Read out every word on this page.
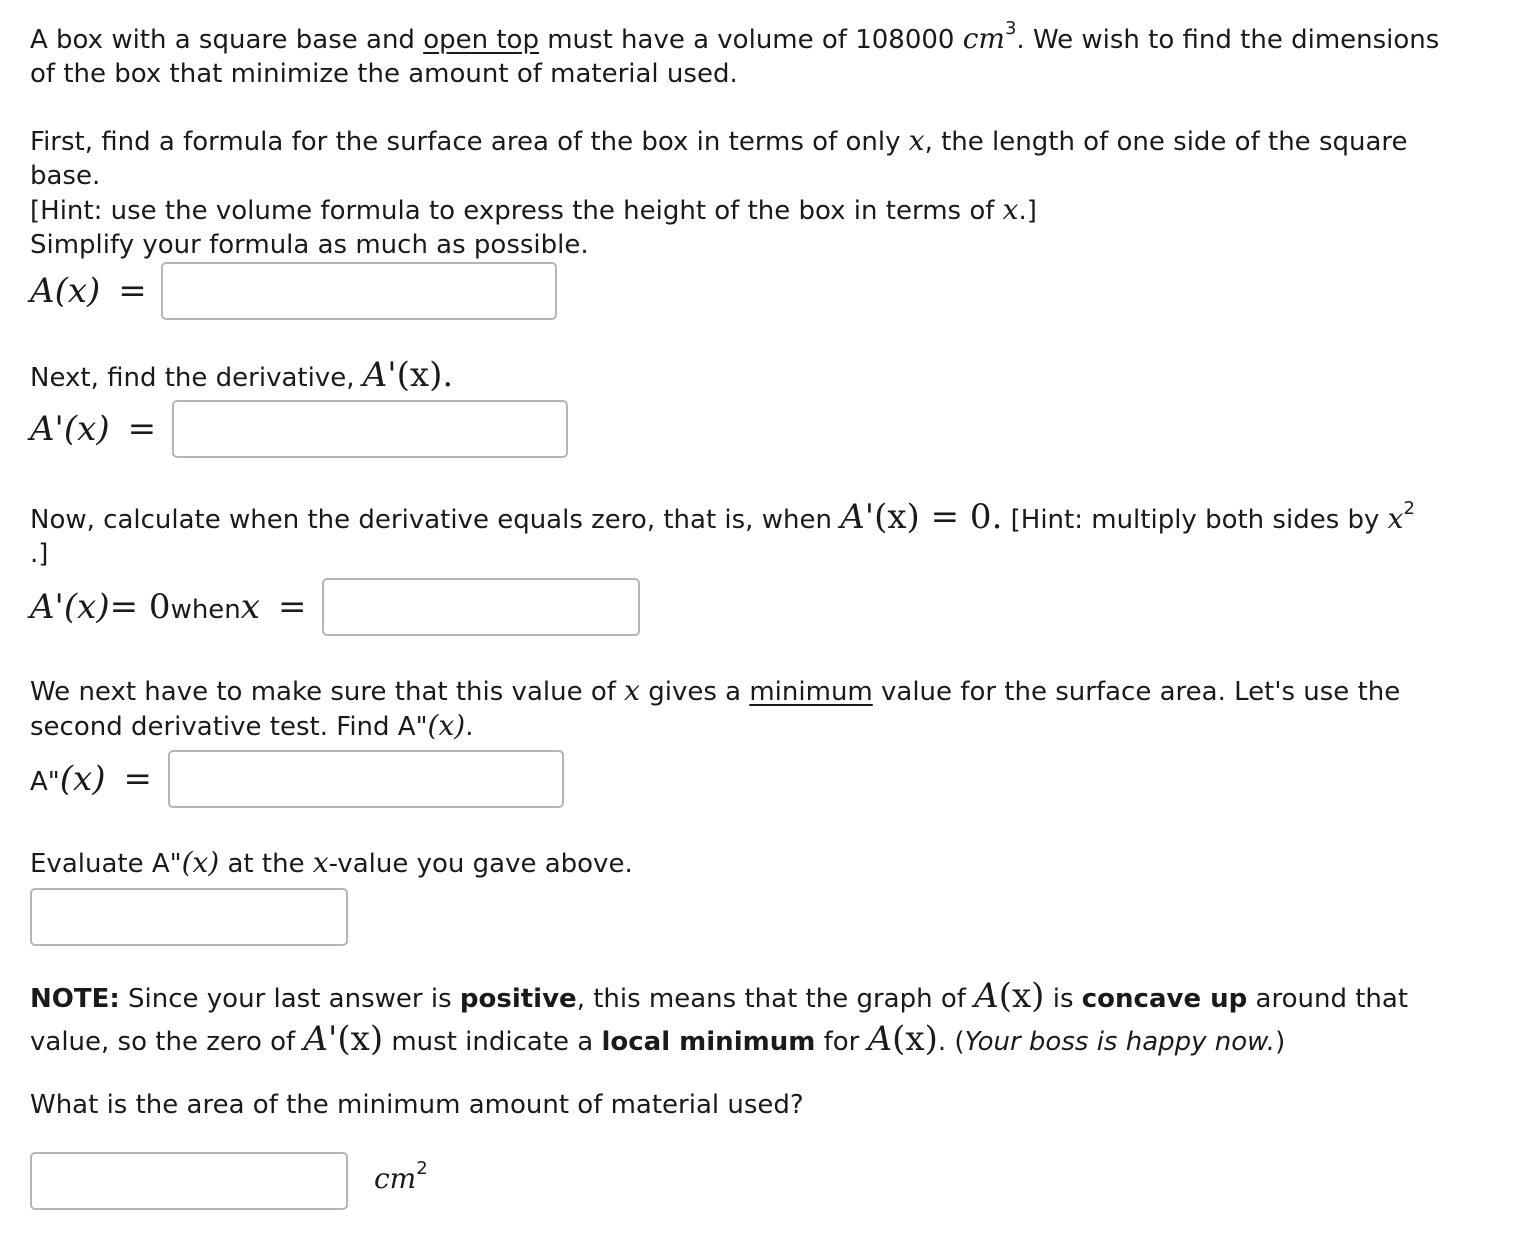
A box with a square base and open top must have a volume of 108000 $cm^3$. We wish to find the dimensions of the box that minimize the amount of material used.
First, find a formula for the surface area of the box in terms of only x, the length of one side of the square base.
[Hint: use the volume formula to express the height of the box in terms of x.]
Simplify your formula as much as possible.
A (x) =
Next, find the derivative, A'(x).
A' (x) =
Now, calculate when the derivative equals zero, that is, when A'(x) = 0. [Hint: multiply both sides by $x^2$
.]
A' (x) = 0 when x =
We next have to make sure that this value of x gives a minimum value for the surface area. Let's use the second derivative test. Find A"(x).
A" (x) =
Evaluate A"(x) at the x-value you gave above.
NOTE: Since your last answer is positive, this means that the graph of A(x) is concave up around that value, so the zero of A'(x) must indicate a local minimum for A(x). (Your boss is happy now.)
What is the area of the minimum amount of material used?
$cm^2$
